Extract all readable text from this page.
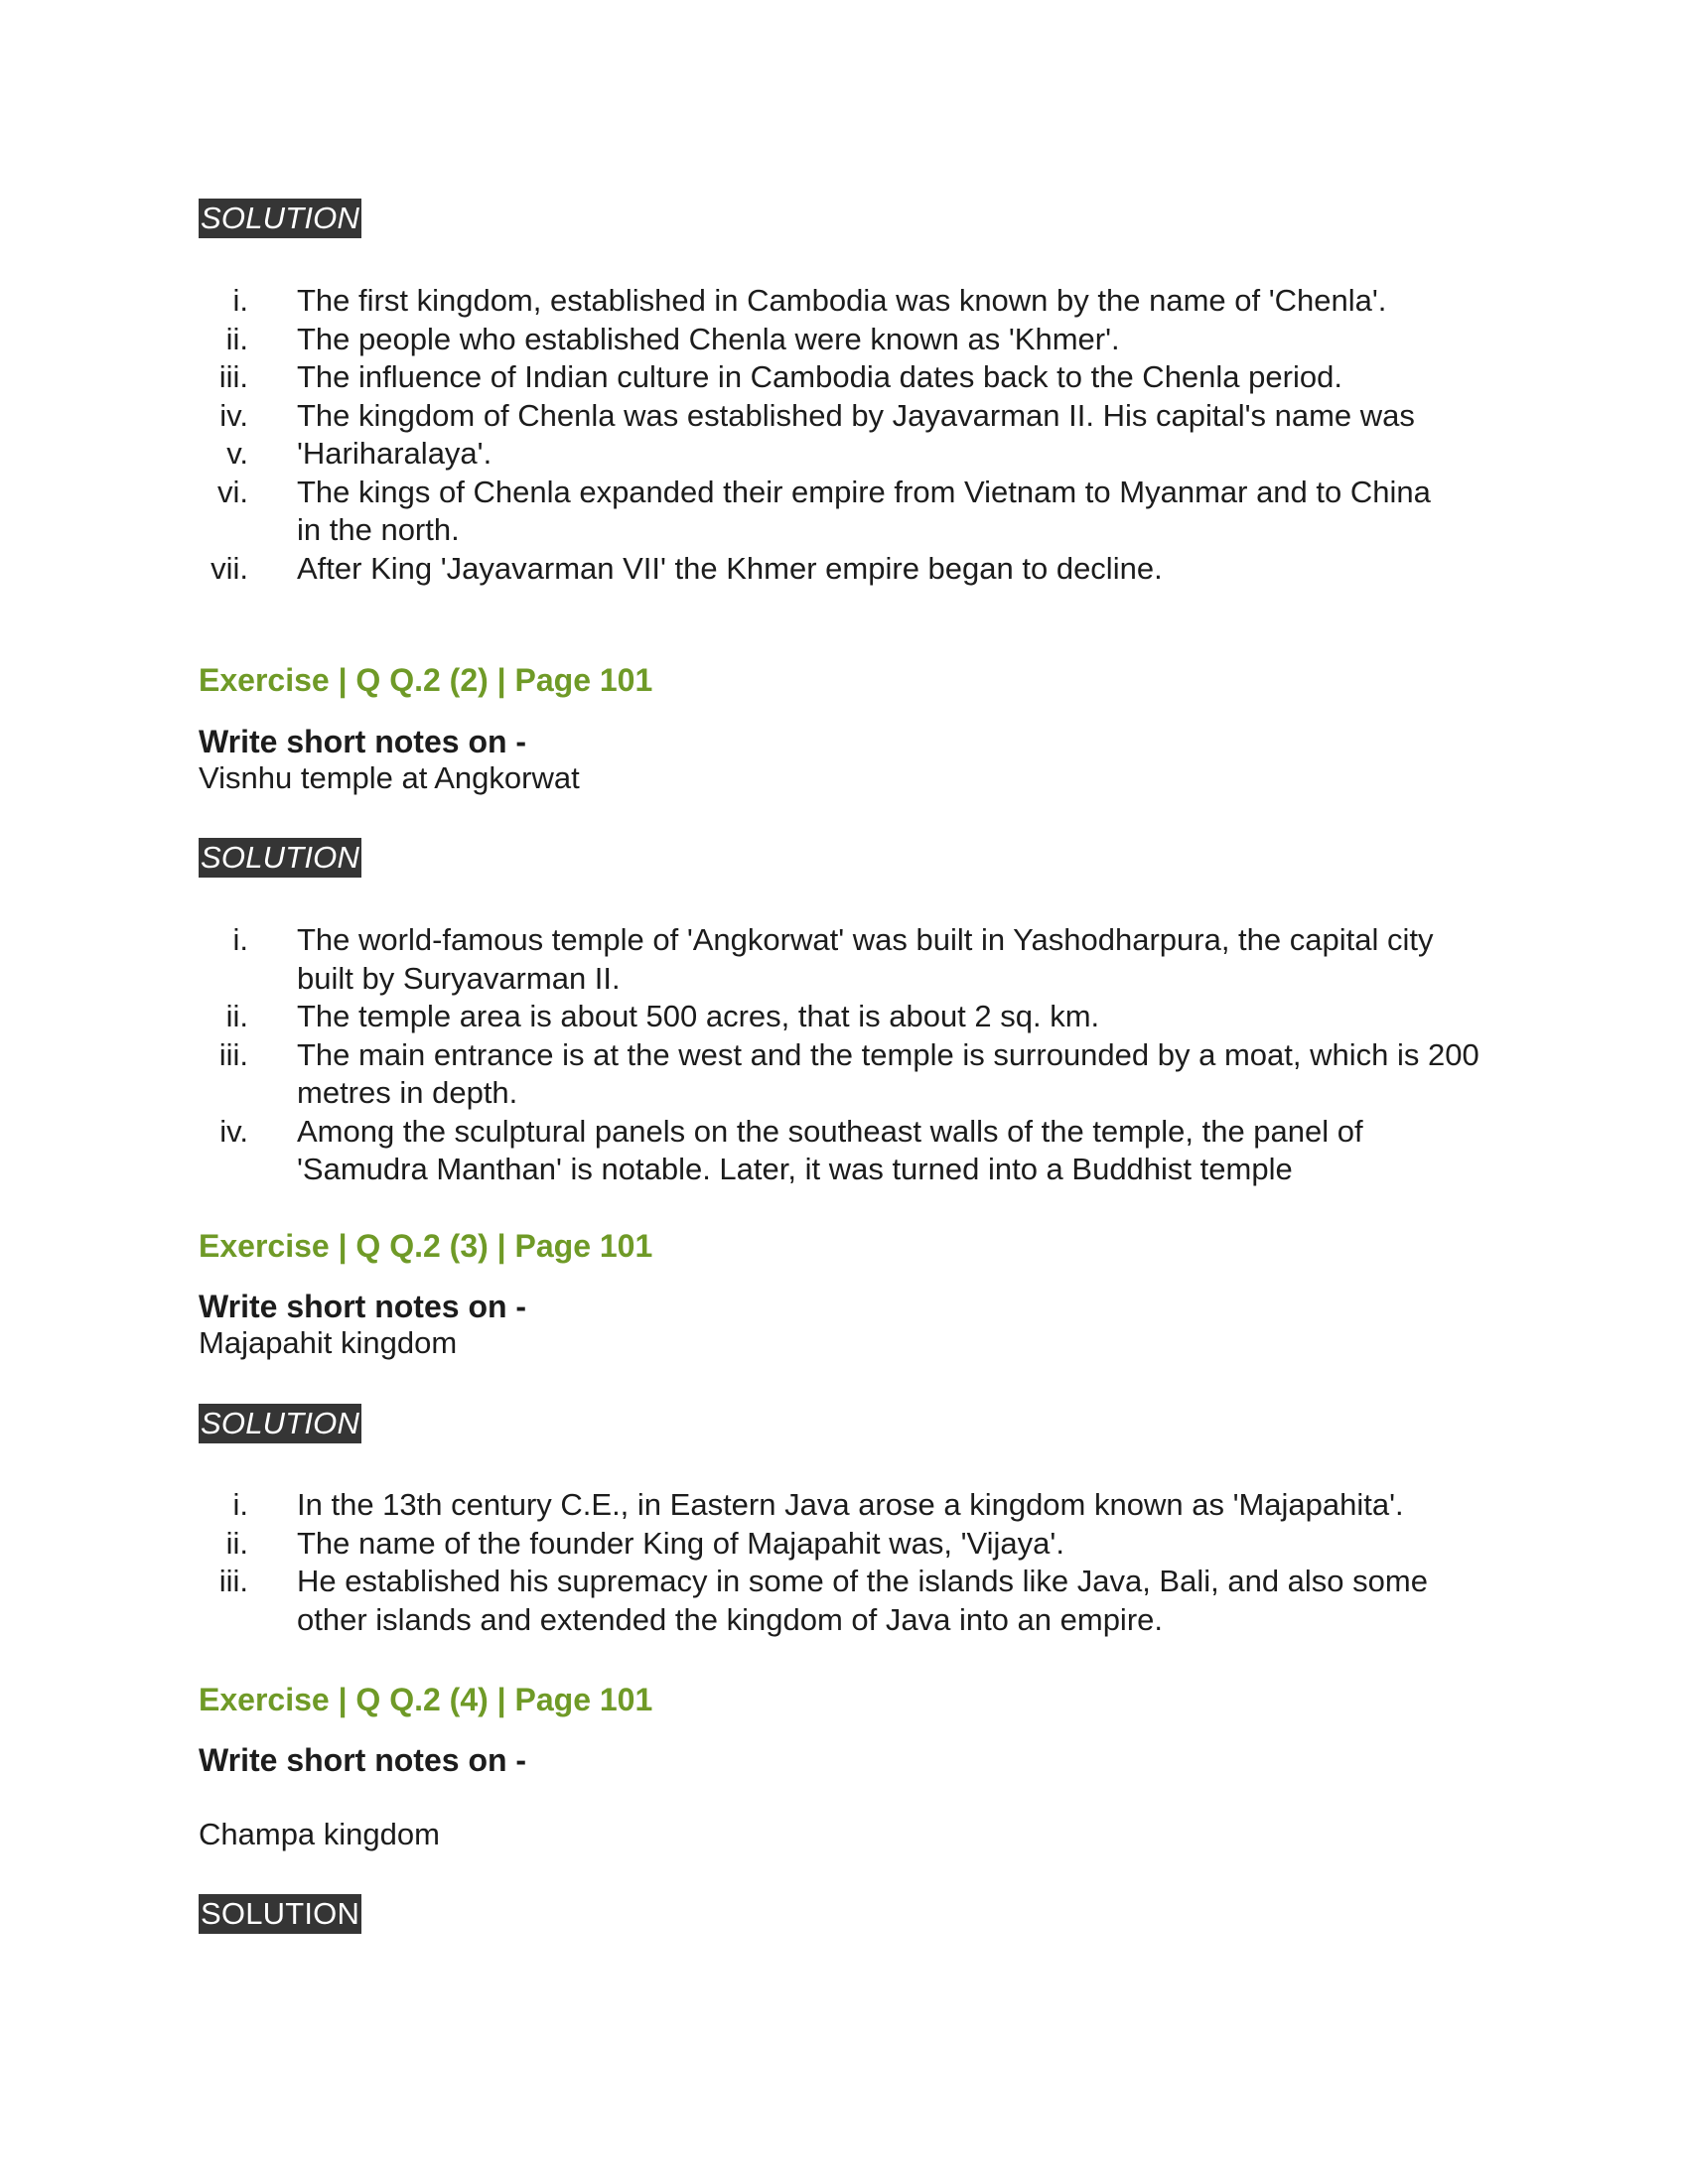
SOLUTION
i. The first kingdom, established in Cambodia was known by the name of 'Chenla'.
ii. The people who established Chenla were known as 'Khmer'.
iii. The influence of Indian culture in Cambodia dates back to the Chenla period.
iv. The kingdom of Chenla was established by Jayavarman II. His capital's name was
v. 'Hariharalaya'.
vi. The kings of Chenla expanded their empire from Vietnam to Myanmar and to China in the north.
vii. After King 'Jayavarman VII' the Khmer empire began to decline.
Exercise | Q Q.2 (2) | Page 101
Write short notes on -
Visnhu temple at Angkorwat
SOLUTION
i. The world-famous temple of 'Angkorwat' was built in Yashodharpura, the capital city built by Suryavarman II.
ii. The temple area is about 500 acres, that is about 2 sq. km.
iii. The main entrance is at the west and the temple is surrounded by a moat, which is 200 metres in depth.
iv. Among the sculptural panels on the southeast walls of the temple, the panel of 'Samudra Manthan' is notable. Later, it was turned into a Buddhist temple
Exercise | Q Q.2 (3) | Page 101
Write short notes on -
Majapahit kingdom
SOLUTION
i. In the 13th century C.E., in Eastern Java arose a kingdom known as 'Majapahita'.
ii. The name of the founder King of Majapahit was, 'Vijaya'.
iii. He established his supremacy in some of the islands like Java, Bali, and also some other islands and extended the kingdom of Java into an empire.
Exercise | Q Q.2 (4) | Page 101
Write short notes on -
Champa kingdom
SOLUTION
